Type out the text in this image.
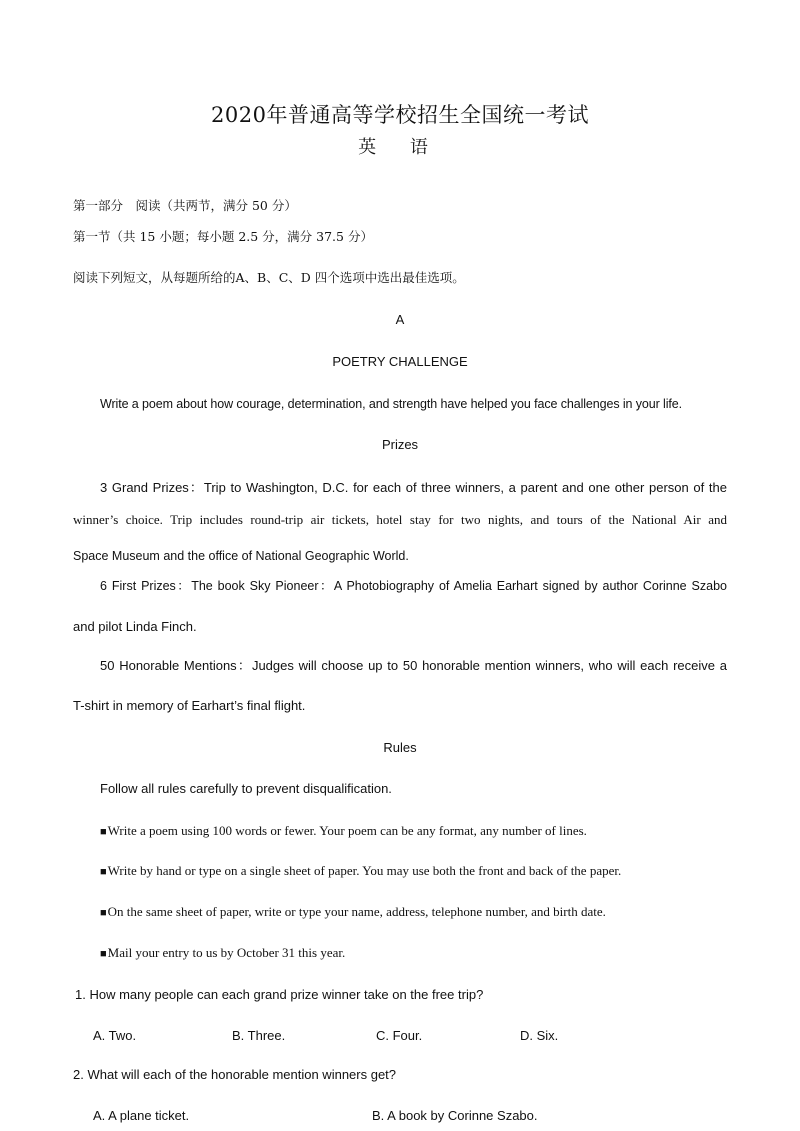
2020年普通高等学校招生全国统一考试
英 语
第一部分　阅读（共两节，满分 50 分）
第一节（共 15 小题；每小题 2.5 分，满分 37.5 分）
阅读下列短文，从每题所给的A、B、C、D 四个选项中选出最佳选项。
A
POETRY CHALLENGE
Write a poem about how courage, determination, and strength have helped you face challenges in your life.
Prizes
3 Grand Prizes：Trip to Washington, D.C. for each of three winners, a parent and one other person of the
winner’s choice. Trip includes round-trip air tickets, hotel stay for two nights, and tours of the National Air and
Space Museum and the office of National Geographic World.
6 First Prizes：The book Sky Pioneer：A Photobiography of Amelia Earhart signed by author Corinne Szabo
and pilot Linda Finch.
50 Honorable Mentions：Judges will choose up to 50 honorable mention winners, who will each receive a
T-shirt in memory of Earhart’s final flight.
Rules
Follow all rules carefully to prevent disqualification.
■Write a poem using 100 words or fewer. Your poem can be any format, any number of lines.
■Write by hand or type on a single sheet of paper. You may use both the front and back of the paper.
■On the same sheet of paper, write or type your name, address, telephone number, and birth date.
■Mail your entry to us by October 31 this year.
1. How many people can each grand prize winner take on the free trip?
A. Two.	B. Three.	C. Four.	D. Six.
2. What will each of the honorable mention winners get?
A. A plane ticket.	B. A book by Corinne Szabo.
